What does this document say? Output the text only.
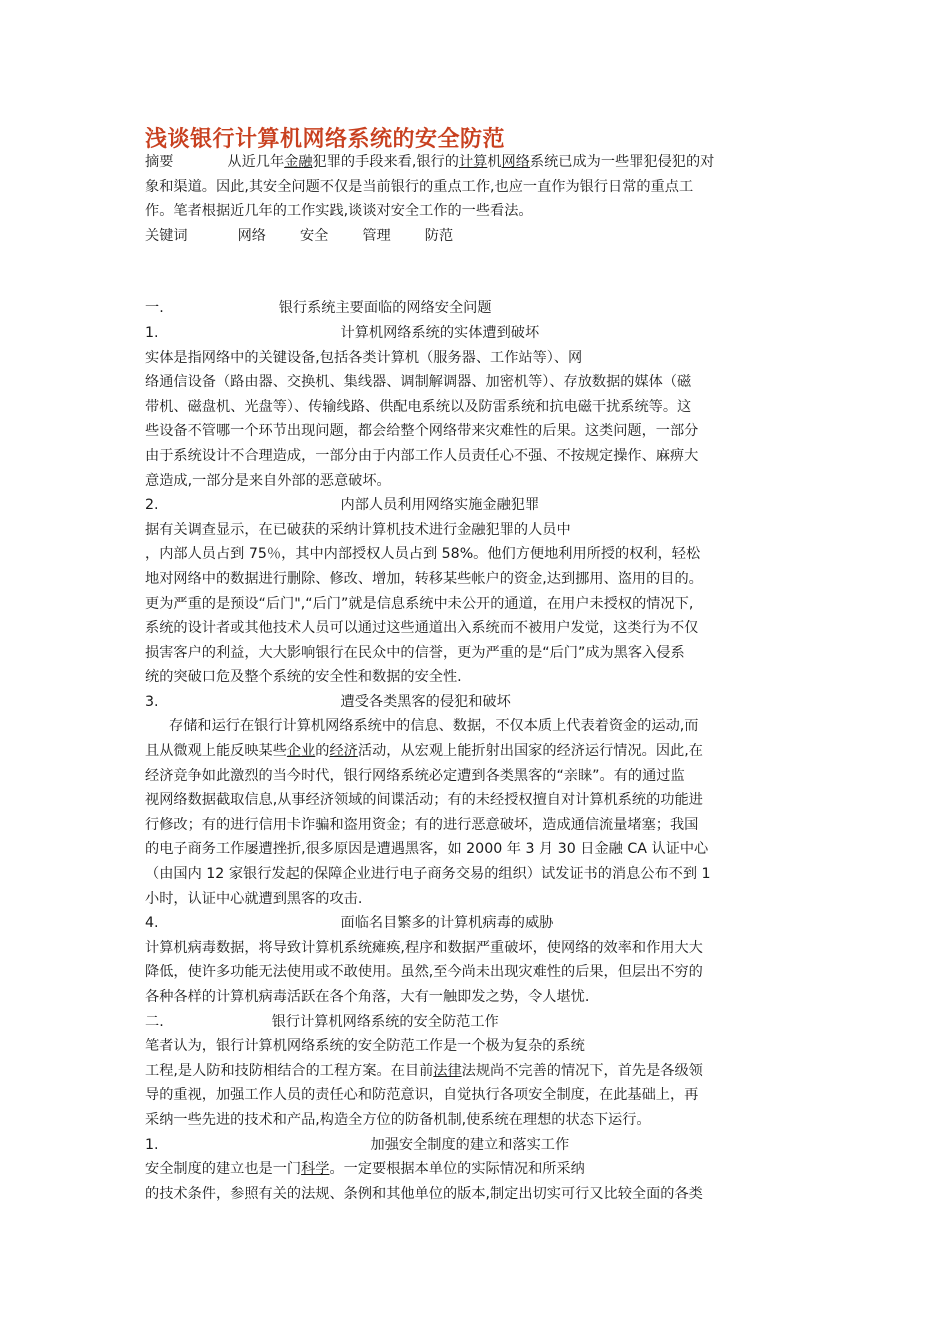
浅谈银行计算机网络系统的安全防范

摘要	从近几年金融犯罪的手段来看,银行的计算机网络系统已成为一些罪犯侵犯的对

象和渠道。因此,其安全问题不仅是当前银行的重点工作,也应一直作为银行日常的重点工

作。笔者根据近几年的工作实践,谈谈对安全工作的一些看法。

关键词	网络 安全 管理 防范

一.	银行系统主要面临的网络安全问题

1.	计算机网络系统的实体遭到破坏

实体是指网络中的关键设备,包括各类计算机（服务器、工作站等）、网

络通信设备（路由器、交换机、集线器、调制解调器、加密机等）、存放数据的媒体（磁

带机、磁盘机、光盘等）、传输线路、供配电系统以及防雷系统和抗电磁干扰系统等。这

些设备不管哪一个环节出现问题，都会给整个网络带来灾难性的后果。这类问题，一部分

由于系统设计不合理造成，一部分由于内部工作人员责任心不强、不按规定操作、麻痹大

意造成,一部分是来自外部的恶意破坏。

2.	内部人员利用网络实施金融犯罪

据有关调查显示，在已破获的采纳计算机技术进行金融犯罪的人员中

，内部人员占到 75％，其中内部授权人员占到 58%。他们方便地利用所授的权利，轻松

地对网络中的数据进行删除、修改、增加，转移某些帐户的资金,达到挪用、盗用的目的。

更为严重的是预设“后门",“后门”就是信息系统中未公开的通道，在用户未授权的情况下,

系统的设计者或其他技术人员可以通过这些通道出入系统而不被用户发觉，这类行为不仅

损害客户的利益，大大影响银行在民众中的信誉，更为严重的是“后门”成为黑客入侵系

统的突破口危及整个系统的安全性和数据的安全性.

3.	遭受各类黑客的侵犯和破坏

存储和运行在银行计算机网络系统中的信息、数据，不仅本质上代表着资金的运动,而

且从微观上能反映某些企业的经济活动，从宏观上能折射出国家的经济运行情况。因此,在

经济竞争如此激烈的当今时代，银行网络系统必定遭到各类黑客的“亲睐”。有的通过监

视网络数据截取信息,从事经济领域的间谍活动；有的未经授权擅自对计算机系统的功能进

行修改；有的进行信用卡诈骗和盗用资金；有的进行恶意破坏，造成通信流量堵塞；我国

的电子商务工作屡遭挫折,很多原因是遭遇黑客，如 2000 年 3 月 30 日金融 CA 认证中心

（由国内 12 家银行发起的保障企业进行电子商务交易的组织）试发证书的消息公布不到 1

小时，认证中心就遭到黑客的攻击.

4.	面临名目繁多的计算机病毒的威胁

计算机病毒数据，将导致计算机系统瘫痪,程序和数据严重破坏，使网络的效率和作用大大

降低，使许多功能无法使用或不敢使用。虽然,至今尚未出现灾难性的后果，但层出不穷的

各种各样的计算机病毒活跃在各个角落，大有一触即发之势，令人堪忧.

二.	银行计算机网络系统的安全防范工作

笔者认为，银行计算机网络系统的安全防范工作是一个极为复杂的系统

工程,是人防和技防相结合的工程方案。在目前法律法规尚不完善的情况下，首先是各级领

导的重视，加强工作人员的责任心和防范意识，自觉执行各项安全制度，在此基础上，再

采纳一些先进的技术和产品,构造全方位的防备机制,使系统在理想的状态下运行。

1.	加强安全制度的建立和落实工作

安全制度的建立也是一门科学。一定要根据本单位的实际情况和所采纳

的技术条件，参照有关的法规、条例和其他单位的版本,制定出切实可行又比较全面的各类
